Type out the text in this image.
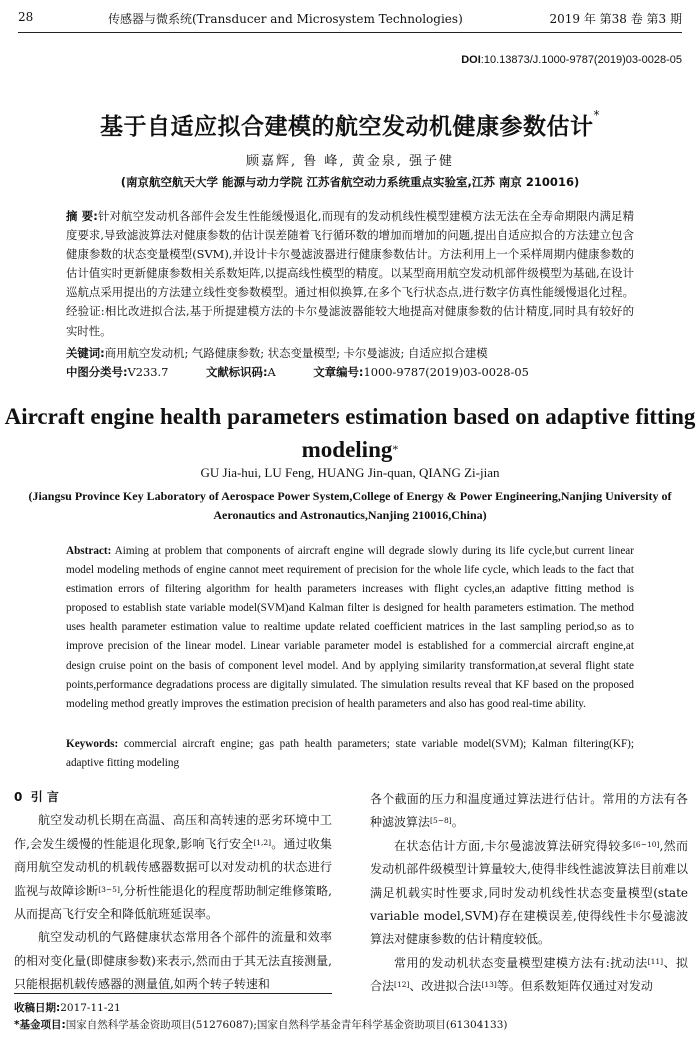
28	传感器与微系统(Transducer and Microsystem Technologies)	2019 年 第38 卷 第3 期
DOI:10.13873/J.1000-9787(2019)03-0028-05
基于自适应拟合建模的航空发动机健康参数估计*
顾嘉辉, 鲁 峰, 黄金泉, 强子健
(南京航空航天大学 能源与动力学院 江苏省航空动力系统重点实验室,江苏 南京 210016)
摘 要:针对航空发动机各部件会发生性能缓慢退化,而现有的发动机线性模型建模方法无法在全寿命期限内满足精度要求,导致滤波算法对健康参数的估计误差随着飞行循环数的增加而增加的问题,提出自适应拟合的方法建立包含健康参数的状态变量模型(SVM),并设计卡尔曼滤波器进行健康参数估计。方法利用上一个采样周期内健康参数的估计值实时更新健康参数相关系数矩阵,以提高线性模型的精度。以某型商用航空发动机部件级模型为基础,在设计巡航点采用提出的方法建立线性变参数模型。通过相似换算,在多个飞行状态点,进行数字仿真性能缓慢退化过程。经验证:相比改进拟合法,基于所提建模方法的卡尔曼滤波器能较大地提高对健康参数的估计精度,同时具有较好的实时性。
关键词:商用航空发动机; 气路健康参数; 状态变量模型; 卡尔曼滤波; 自适应拟合建模
中图分类号:V233.7	文献标识码:A	文章编号:1000-9787(2019)03-0028-05
Aircraft engine health parameters estimation based on adaptive fitting modeling*
GU Jia-hui, LU Feng, HUANG Jin-quan, QIANG Zi-jian
(Jiangsu Province Key Laboratory of Aerospace Power System,College of Energy & Power Engineering,Nanjing University of Aeronautics and Astronautics,Nanjing 210016,China)
Abstract: Aiming at problem that components of aircraft engine will degrade slowly during its life cycle,but current linear model modeling methods of engine cannot meet requirement of precision for the whole life cycle, which leads to the fact that estimation errors of filtering algorithm for health parameters increases with flight cycles,an adaptive fitting method is proposed to establish state variable model(SVM)and Kalman filter is designed for health parameters estimation. The method uses health parameter estimation value to realtime update related coefficient matrices in the last sampling period,so as to improve precision of the linear model. Linear variable parameter model is established for a commercial aircraft engine,at design cruise point on the basis of component level model. And by applying similarity transformation,at several flight state points,performance degradations process are digitally simulated. The simulation results reveal that KF based on the proposed modeling method greatly improves the estimation precision of health parameters and also has good real-time ability.
Keywords: commercial aircraft engine; gas path health parameters; state variable model(SVM); Kalman filtering(KF); adaptive fitting modeling
0 引 言

航空发动机长期在高温、高压和高转速的恶劣环境中工作,会发生缓慢的性能退化现象,影响飞行安全[1,2]。通过收集商用航空发动机的机载传感器数据可以对发动机的状态进行监视与故障诊断[3~5],分析性能退化的程度帮助制定维修策略,从而提高飞行安全和降低航班延误率。

航空发动机的气路健康状态常用各个部件的流量和效率的相对变化量(即健康参数)来表示,然而由于其无法直接测量,只能根据机载传感器的测量值,如两个转子转速和

各个截面的压力和温度通过算法进行估计。常用的方法有各种滤波算法[5~8]。

在状态估计方面,卡尔曼滤波算法研究得较多[6~10],然而发动机部件级模型计算量较大,使得非线性滤波算法目前难以满足机载实时性要求,同时发动机线性状态变量模型(state variable model,SVM)存在建模误差,使得线性卡尔曼滤波算法对健康参数的估计精度较低。

常用的发动机状态变量模型建模方法有:扰动法[11]、拟合法[12]、改进拟合法[13]等。但系数矩阵仅通过对发动

收稿日期:2017-11-21
*基金项目:国家自然科学基金资助项目(51276087);国家自然科学基金青年科学基金资助项目(61304133)
